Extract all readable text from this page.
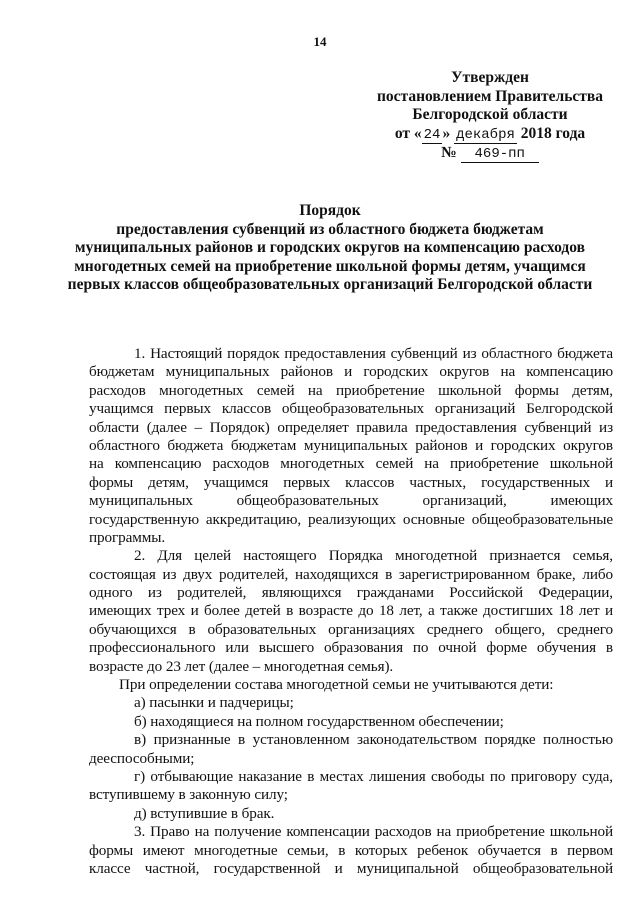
14
Утвержден
постановлением Правительства
Белгородской области
от « 24 » декабря 2018 года
№ 469-пп
Порядок
предоставления субвенций из областного бюджета бюджетам
муниципальных районов и городских округов на компенсацию расходов
многодетных семей на приобретение школьной формы детям, учащимся
первых классов общеобразовательных организаций Белгородской области
1. Настоящий порядок предоставления субвенций из областного бюджета
бюджетам муниципальных районов и городских округов на компенсацию
расходов многодетных семей на приобретение школьной формы детям,
учащимся первых классов общеобразовательных организаций Белгородской
области (далее – Порядок) определяет правила предоставления субвенций из
областного бюджета бюджетам муниципальных районов и городских округов
на компенсацию расходов многодетных семей на приобретение школьной
формы детям, учащимся первых классов частных, государственных и
муниципальных общеобразовательных организаций, имеющих
государственную аккредитацию, реализующих основные общеобразовательные
программы.
2. Для целей настоящего Порядка многодетной признается семья,
состоящая из двух родителей, находящихся в зарегистрированном браке, либо
одного из родителей, являющихся гражданами Российской Федерации,
имеющих трех и более детей в возрасте до 18 лет, а также достигших 18 лет и
обучающихся в образовательных организациях среднего общего, среднего
профессионального или высшего образования по очной форме обучения в
возрасте до 23 лет (далее – многодетная семья).
При определении состава многодетной семьи не учитываются дети:
а) пасынки и падчерицы;
б) находящиеся на полном государственном обеспечении;
в) признанные в установленном законодательством порядке полностью
дееспособными;
г) отбывающие наказание в местах лишения свободы по приговору суда,
вступившему в законную силу;
д) вступившие в брак.
3. Право на получение компенсации расходов на приобретение школьной
формы имеют многодетные семьи, в которых ребенок обучается в первом
классе частной, государственной и муниципальной общеобразовательной
